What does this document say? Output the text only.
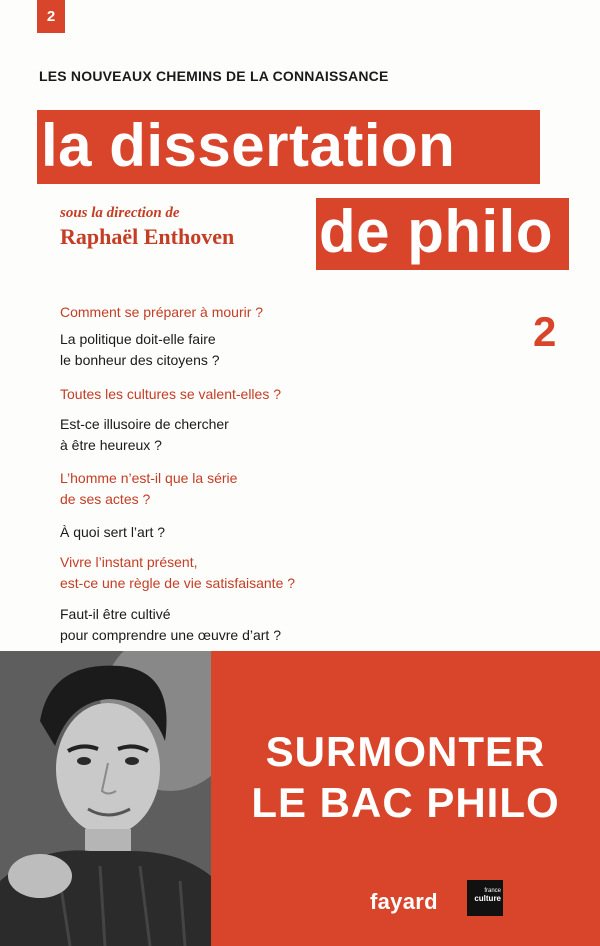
2
LES NOUVEAUX CHEMINS DE LA CONNAISSANCE
la dissertation
de philo
sous la direction de
Raphaël Enthoven
2
Comment se préparer à mourir ?
La politique doit-elle faire
le bonheur des citoyens ?
Toutes les cultures se valent-elles ?
Est-ce illusoire de chercher
à être heureux ?
L’homme n’est-il que la série
de ses actes ?
À quoi sert l’art ?
Vivre l’instant présent,
est-ce une règle de vie satisfaisante ?
Faut-il être cultivé
pour comprendre une œuvre d’art ?
SURMONTER
LE BAC PHILO
fayard	france
culture
